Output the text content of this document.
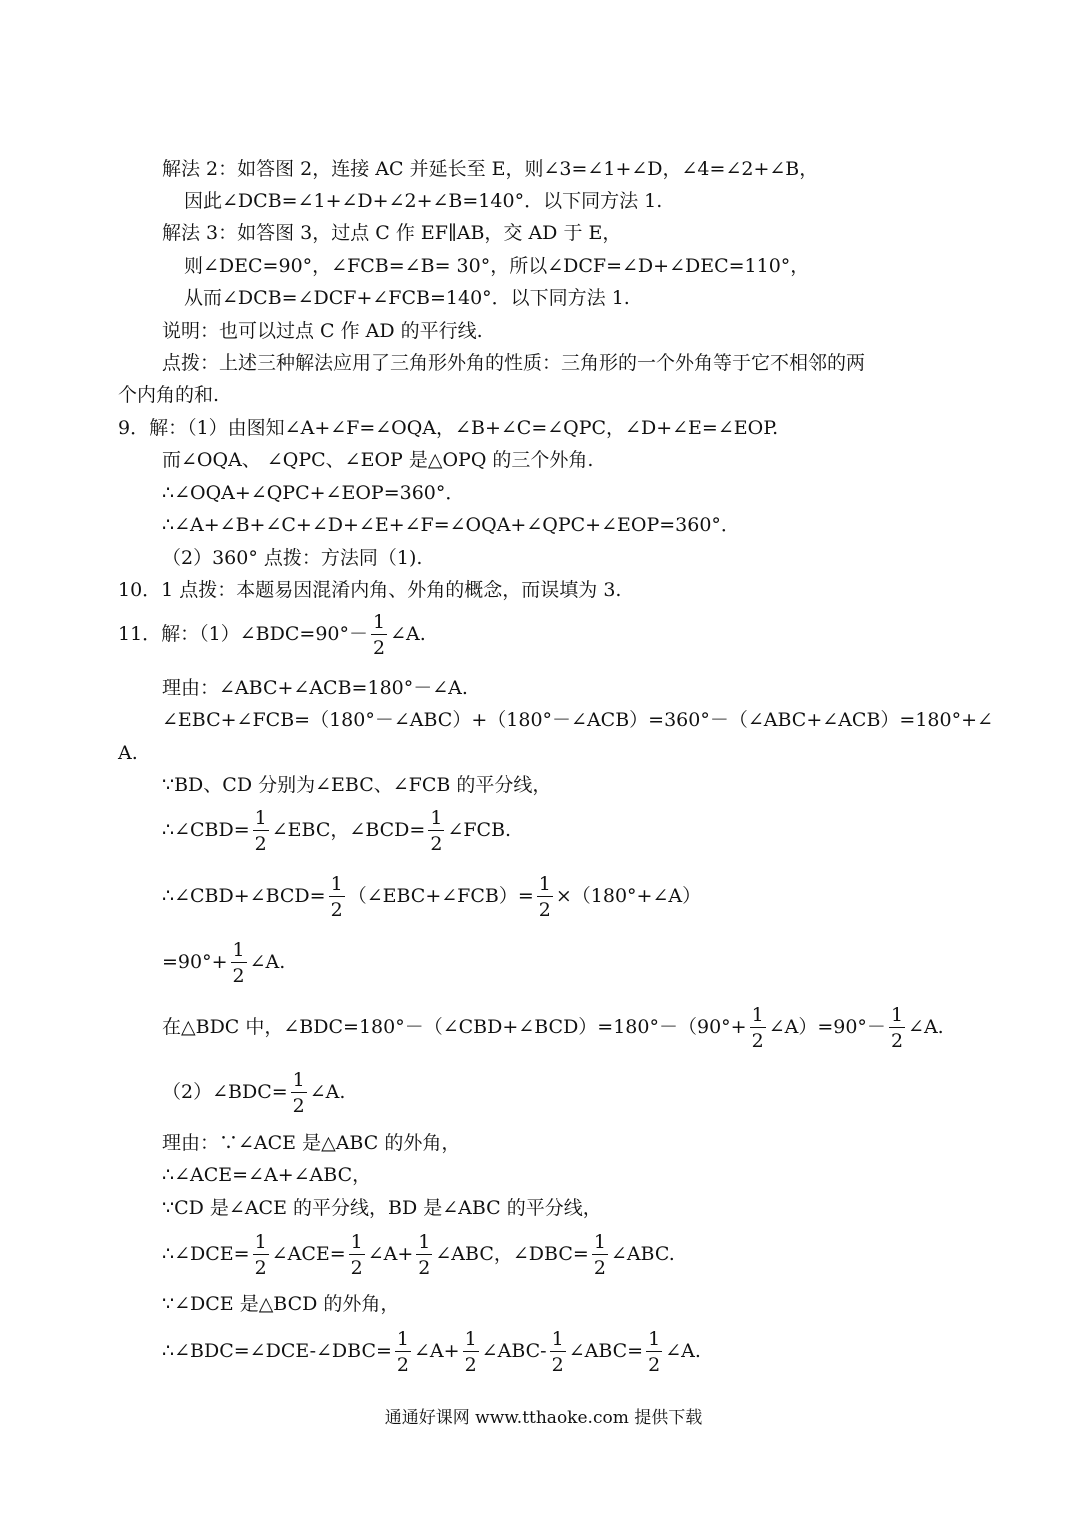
解法 2：如答图 2，连接 AC 并延长至 E，则∠3=∠1+∠D，∠4=∠2+∠B，
因此∠DCB=∠1+∠D+∠2+∠B=140°．以下同方法 1.
解法 3：如答图 3，过点 C 作 EF∥AB，交 AD 于 E，
则∠DEC=90°，∠FCB=∠B= 30°，所以∠DCF=∠D+∠DEC=110°，
从而∠DCB=∠DCF+∠FCB=140°．以下同方法 1.
说明：也可以过点 C 作 AD 的平行线.
点拨：上述三种解法应用了三角形外角的性质：三角形的一个外角等于它不相邻的两
个内角的和.
9．解：（1）由图知∠A+∠F=∠OQA，∠B+∠C=∠QPC，∠D+∠E=∠EOP.
而∠OQA、 ∠QPC、∠EOP 是△OPQ 的三个外角.
∴∠OQA+∠QPC+∠EOP=360°．
∴∠A+∠B+∠C+∠D+∠E+∠F=∠OQA+∠QPC+∠EOP=360°．
（2）360° 点拨：方法同（1).
10．1 点拨：本题易因混淆内角、外角的概念，而误填为 3.
11．解：（1）∠BDC=90°－ $\frac{1}{2}$ ∠A.
理由：∠ABC+∠ACB=180°－∠A.
∠EBC+∠FCB=（180°－∠ABC）+（180°－∠ACB）=360°－（∠ABC+∠ACB）=180°+∠
A.
∵BD、CD 分别为∠EBC、∠FCB 的平分线，
∴∠CBD= $\frac{1}{2}$ ∠EBC，∠BCD= $\frac{1}{2}$ ∠FCB.
∴∠CBD+∠BCD= $\frac{1}{2}$ （∠EBC+∠FCB）= $\frac{1}{2}$ ×（180°+∠A）
$=90^\circ+ \frac{1}{2}$ ∠A.
在△BDC 中，∠BDC=180°－（∠CBD+∠BCD）=180°－（90°+ $\frac{1}{2}$ ∠A）=90°－ $\frac{1}{2}$ ∠A.
（2）∠BDC= $\frac{1}{2}$ ∠A.
理由：∵∠ACE 是△ABC 的外角，
∴∠ACE=∠A+∠ABC，
∵CD 是∠ACE 的平分线，BD 是∠ABC 的平分线，
∴∠DCE= $\frac{1}{2}$ ∠ACE= $\frac{1}{2}$ ∠A+ $\frac{1}{2}$ ∠ABC，∠DBC= $\frac{1}{2}$ ∠ABC.
∵∠DCE 是△BCD 的外角，
∴∠BDC=∠DCE-∠DBC= $\frac{1}{2}$ ∠A+ $\frac{1}{2}$ ∠ABC- $\frac{1}{2}$ ∠ABC= $\frac{1}{2}$ ∠A.
通通好课网 www.tthaoke.com 提供下载
